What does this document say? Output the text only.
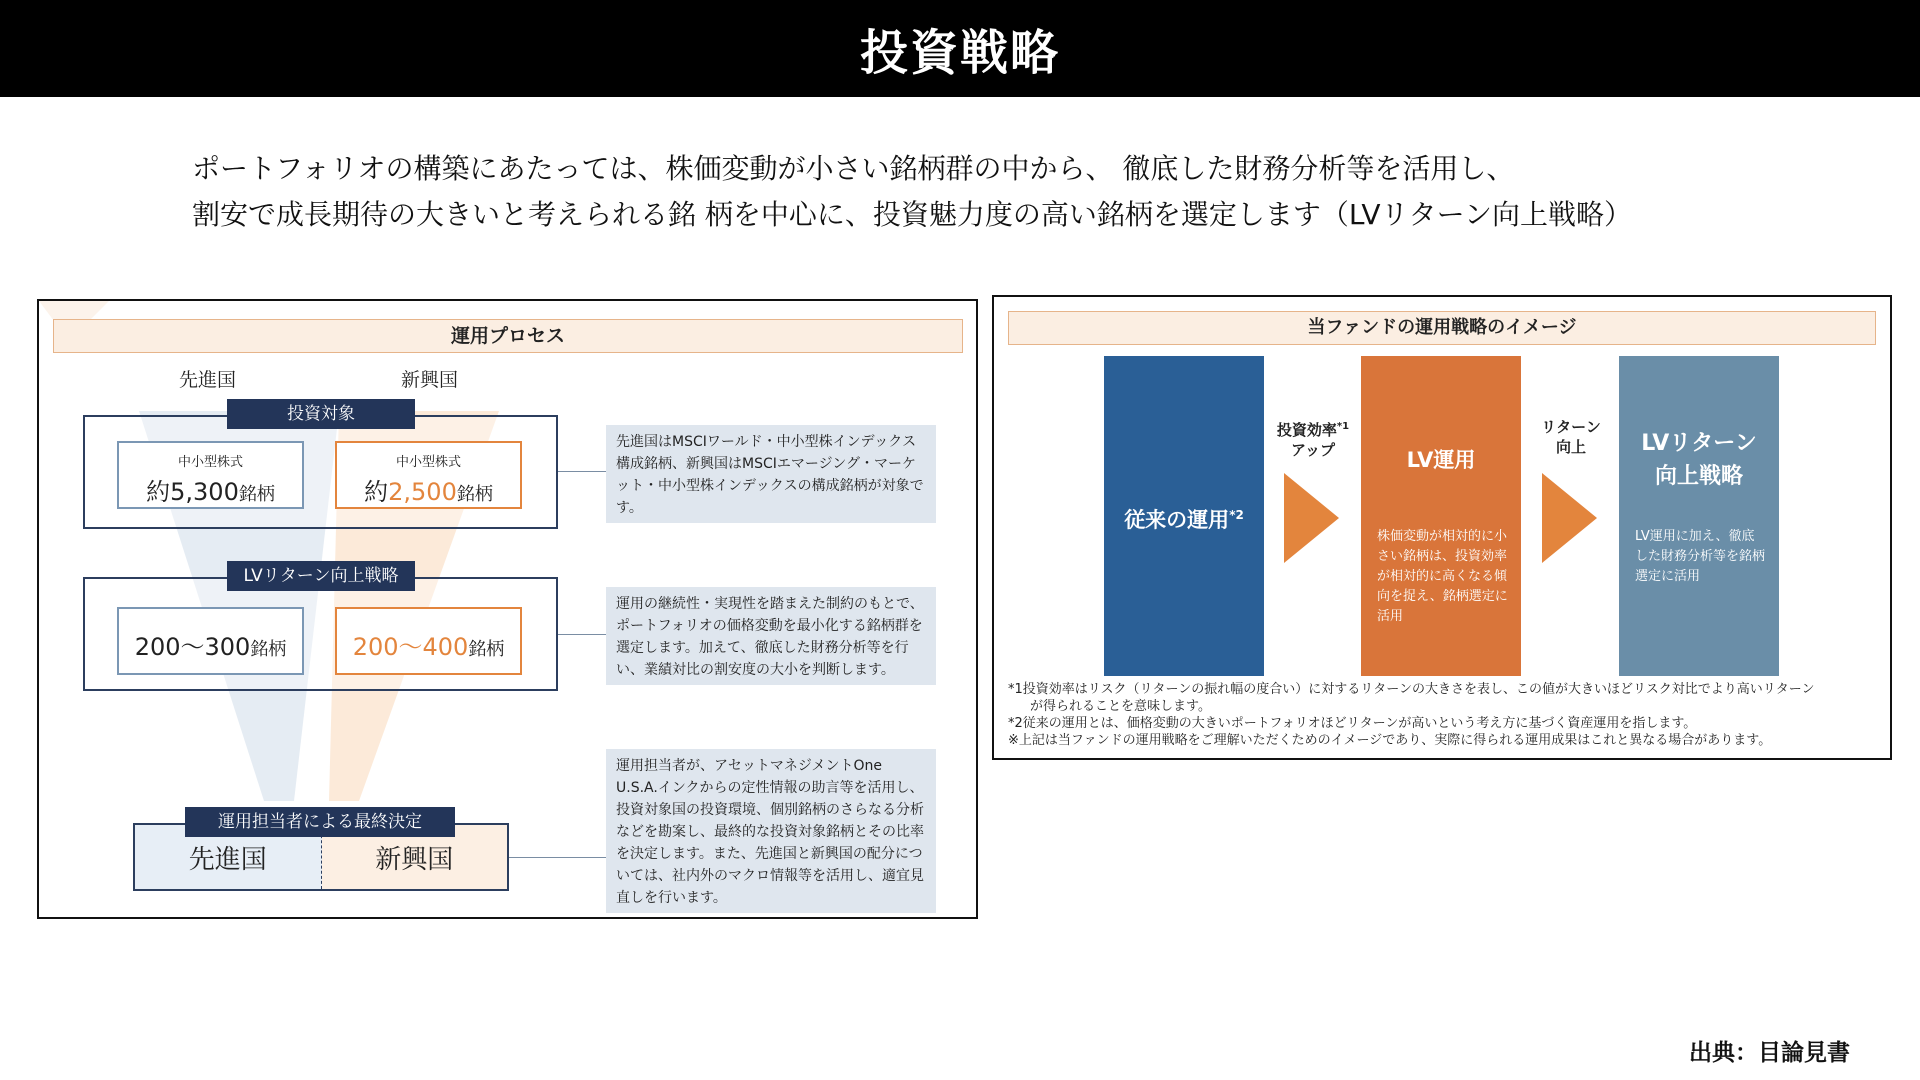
投資戦略
ポートフォリオの構築にあたっては、株価変動が小さい銘柄群の中から、 徹底した財務分析等を活用し、
割安で成長期待の大きいと考えられる銘 柄を中心に、投資魅力度の高い銘柄を選定します（LVリターン向上戦略）
運用プロセス
先進国	新興国
投資対象
中小型株式
約5,300銘柄
中小型株式
約2,500銘柄
先進国はMSCIワールド・中小型株インデックス構成銘柄、新興国はMSCIエマージング・マーケット・中小型株インデックスの構成銘柄が対象です。
LVリターン向上戦略
200～300銘柄	200～400銘柄
運用の継続性・実現性を踏まえた制約のもとで、ポートフォリオの価格変動を最小化する銘柄群を選定します。加えて、徹底した財務分析等を行い、業績対比の割安度の大小を判断します。
先進国	新興国
運用担当者による最終決定
運用担当者が、アセットマネジメントOne U.S.A.インクからの定性情報の助言等を活用し、投資対象国の投資環境、個別銘柄のさらなる分析などを勘案し、最終的な投資対象銘柄とその比率を決定します。また、先進国と新興国の配分については、社内外のマクロ情報等を活用し、適宜見直しを行います。
当ファンドの運用戦略のイメージ
従来の運用$^{*2}$
投資効率$^{*1}$
アップ	LV運用
株価変動が相対的に小さい銘柄は、投資効率が相対的に高くなる傾向を捉え、銘柄選定に活用
リターン
向上	LVリターン
向上戦略
LV運用に加え、徹底した財務分析等を銘柄選定に活用
*1投資効率はリスク（リターンの振れ幅の度合い）に対するリターンの大きさを表し、この値が大きいほどリスク対比でより高いリターン
が得られることを意味します。
*2従来の運用とは、価格変動の大きいポートフォリオほどリターンが高いという考え方に基づく資産運用を指します。
※上記は当ファンドの運用戦略をご理解いただくためのイメージであり、実際に得られる運用成果はこれと異なる場合があります。
出典：目論見書
